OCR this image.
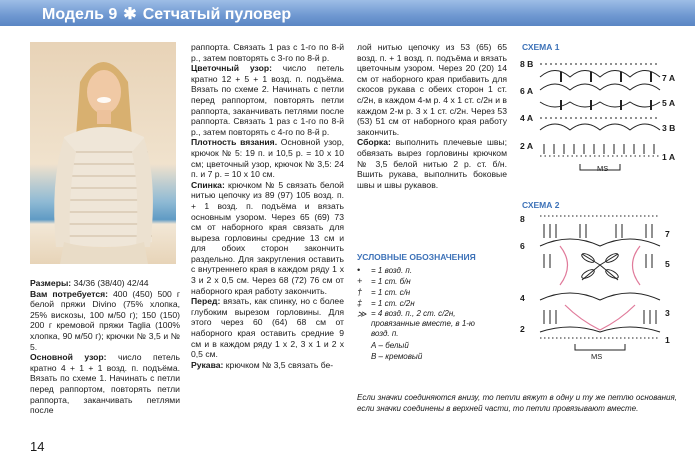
Модель 9 ✱ Сетчатый пуловер

Размеры: 34/36 (38/40) 42/44

Вам потребуется: 400 (450) 500 г белой пряжи Divino (75% хлопка, 25% вискозы, 100 м/50 г); 150 (150) 200 г кремовой пряжи Taglia (100% хлопка, 90 м/50 г); крючки № 3,5 и № 5.

Основной узор: число петель кратно 4 + 1 + 1 возд. п. подъёма. Вязать по схеме 1. Начинать с петли перед раппортом, повторять петли раппорта, заканчивать петлями после

14

раппорта. Связать 1 раз с 1-го по 8-й р., затем повторять с 3-го по 8-й р.

Цветочный узор: число петель кратно 12 + 5 + 1 возд. п. подъёма. Вязать по схеме 2. Начинать с петли перед раппортом, повторять петли раппорта, заканчивать петлями после раппорта. Связать 1 раз с 1-го по 8-й р., затем повторять с 4-го по 8-й р.

Плотность вязания. Основной узор, крючок № 5: 19 п. и 10,5 р. = 10 х 10 см; цветочный узор, крючок № 3,5: 24 п. и 7 р. = 10 х 10 см.

Спинка: крючком № 5 связать белой нитью цепочку из 89 (97) 105 возд. п. + 1 возд. п. подъёма и вязать основным узором. Через 65 (69) 73 см от наборного края связать для выреза горловины средние 13 см и для обоих сторон закончить раздельно. Для закругления оставить с внутреннего края в каждом ряду 1 х 3 и 2 х 0,5 см. Через 68 (72) 76 см от наборного края работу закончить.

Перед: вязать, как спинку, но с более глубоким вырезом горловины. Для этого через 60 (64) 68 см от наборного края оставить средние 9 см и в каждом ряду 1 х 2, 3 х 1 и 2 х 0,5 см.

Рукава: крючком № 3,5 связать бе-

лой нитью цепочку из 53 (65) 65 возд. п. + 1 возд. п. подъёма и вязать цветочным узором. Через 20 (20) 14 см от наборного края прибавить для скосов рукава с обеих сторон 1 ст. с/2н, в каждом 4-м р. 4 х 1 ст. с/2н и в каждом 2-м р. 3 х 1 ст. с/2н. Через 53 (53) 51 см от наборного края работу закончить.

Сборка: выполнить плечевые швы; обвязать вырез горловины крючком № 3,5 белой нитью 2 р. ст. б/н. Вшить рукава, выполнить боковые швы и швы рукавов.

УСЛОВНЫЕ ОБОЗНАЧЕНИЯ
• = 1 возд. п.
+ = 1 ст. б/н
† = 1 ст. с/н
‡ = 1 ст. с/2н
≫ = 4 возд. п., 2 ст. с/2н, провязанные вместе, в 1-ю возд. п.
А – белый
В – кремовый
Если значки соединяются внизу, то петли вяжут в одну и ту же петлю основания, если значки соединены в верхней части, то петли провязывают вместе.
СХЕМА 1
8 B
6 A
4 A
2 A
7 A
5 A
3 B
1 A
MS
СХЕМА 2
8
6
4
2
7
5
3
1
MS
